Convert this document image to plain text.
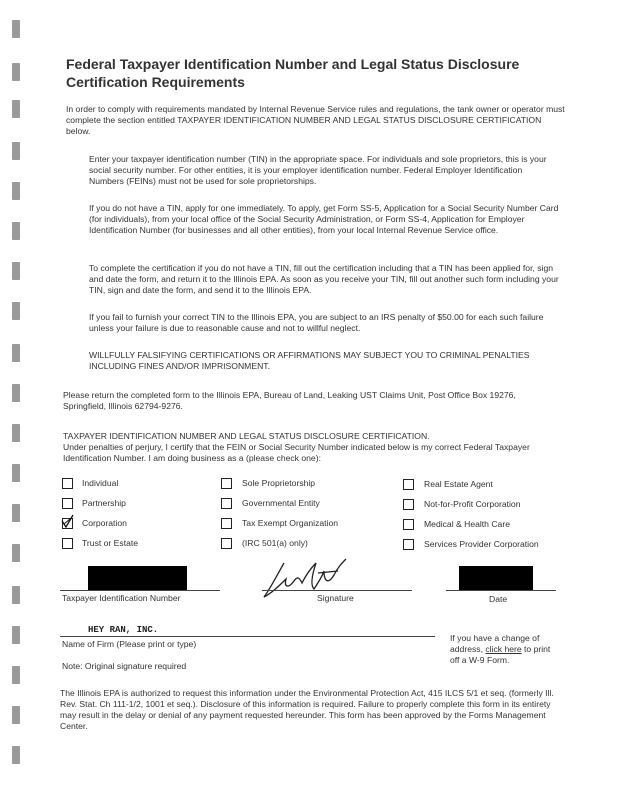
Federal Taxpayer Identification Number and Legal Status Disclosure
Certification Requirements
In order to comply with requirements mandated by Internal Revenue Service rules and regulations, the tank owner or operator must complete the section entitled TAXPAYER IDENTIFICATION NUMBER AND LEGAL STATUS DISCLOSURE CERTIFICATION below.
Enter your taxpayer identification number (TIN) in the appropriate space. For individuals and sole proprietors, this is your social security number. For other entities, it is your employer identification number. Federal Employer Identification Numbers (FEINs) must not be used for sole proprietorships.
If you do not have a TIN, apply for one immediately. To apply, get Form SS-5, Application for a Social Security Number Card (for individuals), from your local office of the Social Security Administration, or Form SS-4, Application for Employer Identification Number (for businesses and all other entities), from your local Internal Revenue Service office.
To complete the certification if you do not have a TIN, fill out the certification including that a TIN has been applied for, sign and date the form, and return it to the Illinois EPA. As soon as you receive your TIN, fill out another such form including your TIN, sign and date the form, and send it to the Illinois EPA.
If you fail to furnish your correct TIN to the Illinois EPA, you are subject to an IRS penalty of $50.00 for each such failure unless your failure is due to reasonable cause and not to willful neglect.
WILLFULLY FALSIFYING CERTIFICATIONS OR AFFIRMATIONS MAY SUBJECT YOU TO CRIMINAL PENALTIES INCLUDING FINES AND/OR IMPRISONMENT.
Please return the completed form to the Illinois EPA, Bureau of Land, Leaking UST Claims Unit, Post Office Box 19276, Springfield, Illinois 62794-9276.
TAXPAYER IDENTIFICATION NUMBER AND LEGAL STATUS DISCLOSURE CERTIFICATION.
Under penalties of perjury, I certify that the FEIN or Social Security Number indicated below is my correct Federal Taxpayer Identification Number. I am doing business as a (please check one):
Individual
Partnership
Corporation
Trust or Estate
Sole Proprietorship
Governmental Entity
Tax Exempt Organization
(IRC 501(a) only)
Real Estate Agent
Not-for-Profit Corporation
Medical & Health Care
Services Provider Corporation
Taxpayer Identification Number	Signature	Date
HEY RAN, INC.
Name of Firm (Please print or type)
Note: Original signature required
If you have a change of
address, click here to print
off a W-9 Form.
The Illinois EPA is authorized to request this information under the Environmental Protection Act, 415 ILCS 5/1 et seq. (formerly Ill. Rev. Stat. Ch 111-1/2, 1001 et seq.). Disclosure of this information is required. Failure to properly complete this form in its entirety may result in the delay or denial of any payment requested hereunder. This form has been approved by the Forms Management Center.
